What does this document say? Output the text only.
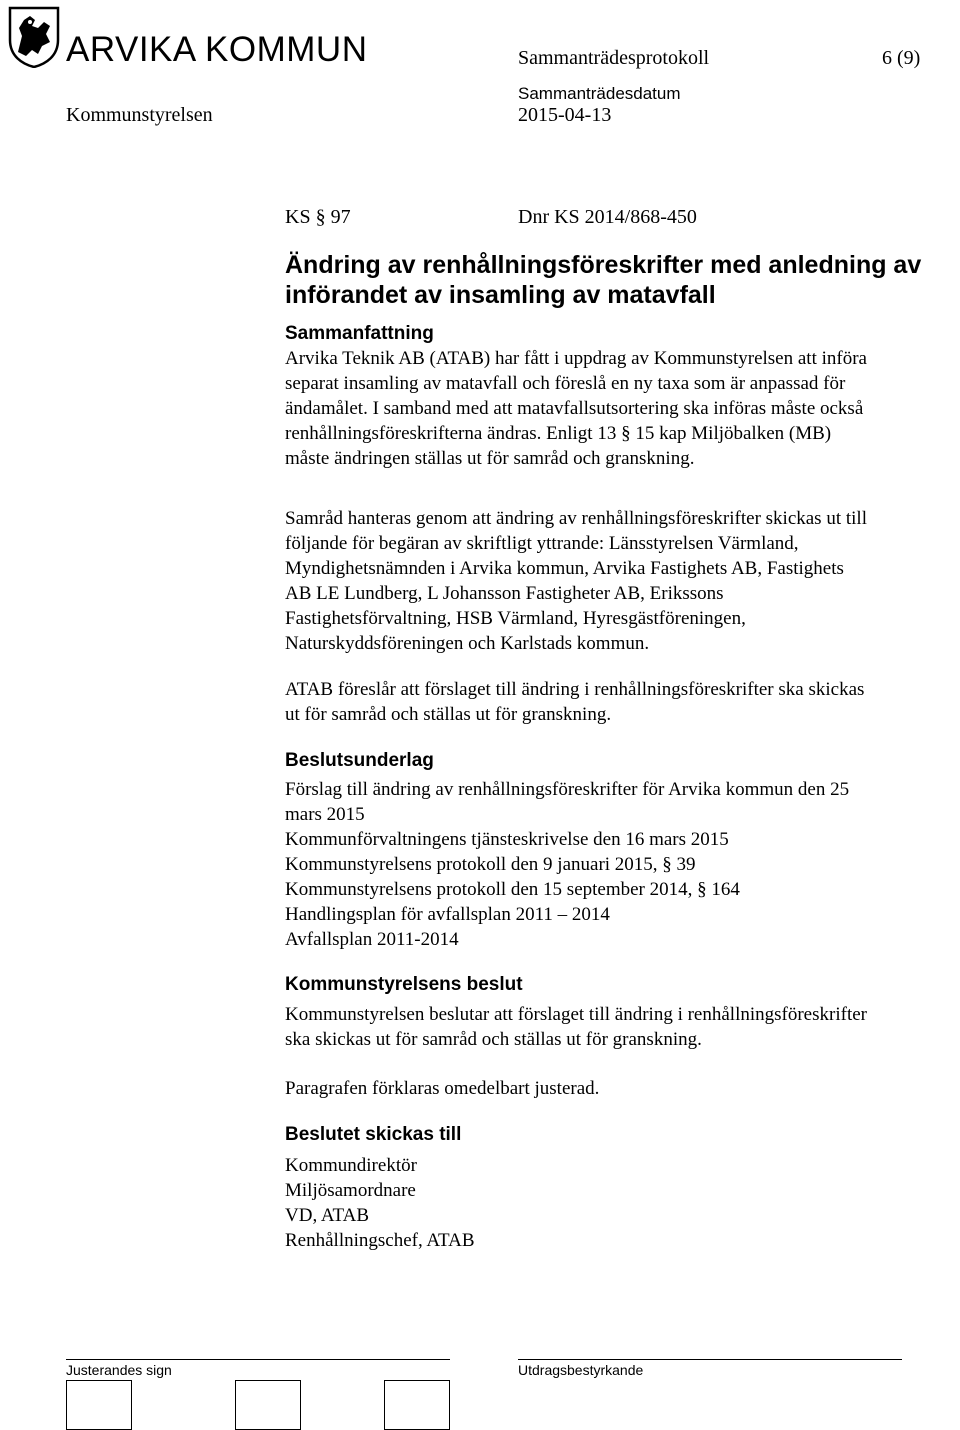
ARVIKA KOMMUN	Sammanträdesprotokoll	6 (9)
Kommunstyrelsen
Sammanträdesdatum
2015-04-13
KS § 97	Dnr KS 2014/868-450
Ändring av renhållningsföreskrifter med anledning av
införandet av insamling av matavfall
Sammanfattning
Arvika Teknik AB (ATAB) har fått i uppdrag av Kommunstyrelsen att införa
separat insamling av matavfall och föreslå en ny taxa som är anpassad för
ändamålet. I samband med att matavfallsutsortering ska införas måste också
renhållningsföreskrifterna ändras. Enligt 13 § 15 kap Miljöbalken (MB)
måste ändringen ställas ut för samråd och granskning.
Samråd hanteras genom att ändring av renhållningsföreskrifter skickas ut till
följande för begäran av skriftligt yttrande: Länsstyrelsen Värmland,
Myndighetsnämnden i Arvika kommun, Arvika Fastighets AB, Fastighets
AB LE Lundberg, L Johansson Fastigheter AB, Erikssons
Fastighetsförvaltning, HSB Värmland, Hyresgästföreningen,
Naturskyddsföreningen och Karlstads kommun.
ATAB föreslår att förslaget till ändring i renhållningsföreskrifter ska skickas
ut för samråd och ställas ut för granskning.
Beslutsunderlag
Förslag till ändring av renhållningsföreskrifter för Arvika kommun den 25
mars 2015
Kommunförvaltningens tjänsteskrivelse den 16 mars 2015
Kommunstyrelsens protokoll den 9 januari 2015, § 39
Kommunstyrelsens protokoll den 15 september 2014, § 164
Handlingsplan för avfallsplan 2011 – 2014
Avfallsplan 2011-2014
Kommunstyrelsens beslut
Kommunstyrelsen beslutar att förslaget till ändring i renhållningsföreskrifter
ska skickas ut för samråd och ställas ut för granskning.
Paragrafen förklaras omedelbart justerad.
Beslutet skickas till
Kommundirektör
Miljösamordnare
VD, ATAB
Renhållningschef, ATAB
Justerandes sign	Utdragsbestyrkande
